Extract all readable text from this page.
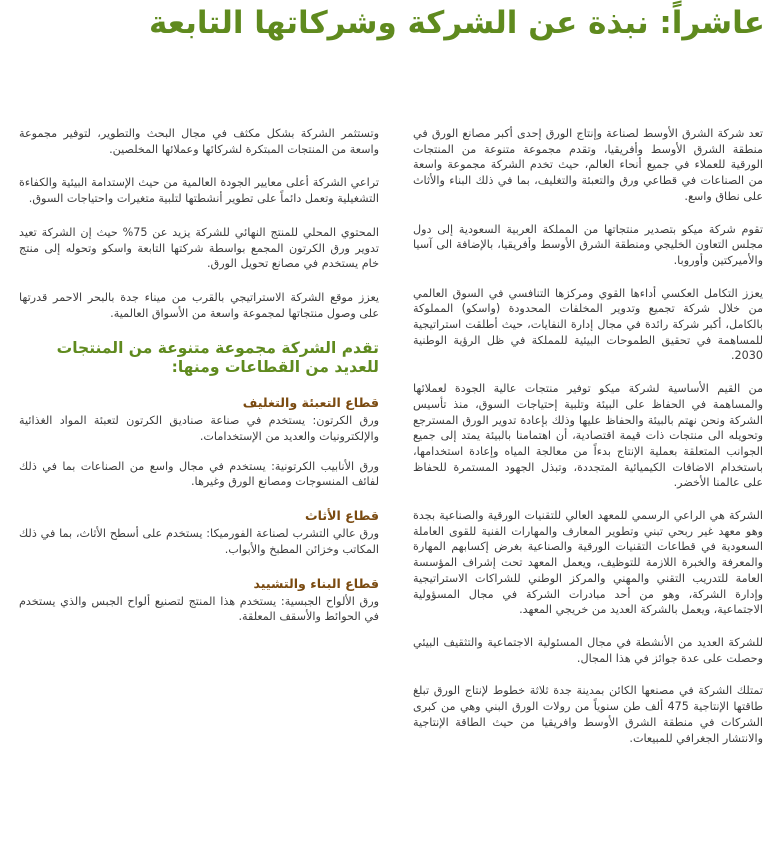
عاشراً: نبذة عن الشركة وشركاتها التابعة

تعد شركة الشرق الأوسط لصناعة وإنتاج الورق إحدى أكبر مصانع الورق في منطقة الشرق الأوسط وأفريقيا، وتقدم مجموعة متنوعة من المنتجات الورقية للعملاء في جميع أنحاء العالم، حيث تخدم الشركة مجموعة واسعة من الصناعات في قطاعي ورق والتعبئة والتغليف، بما في ذلك البناء والأثاث على نطاق واسع.

تقوم شركة ميكو بتصدير منتجاتها من المملكة العربية السعودية إلى دول مجلس التعاون الخليجي ومنطقة الشرق الأوسط وأفريقيا، بالإضافة الى آسيا والأميركتين وأوروبا.

يعزز التكامل العكسي أداءها القوي ومركزها التنافسي في السوق العالمي من خلال شركة تجميع وتدوير المخلفات المحدودة (واسكو) المملوكة بالكامل، أكبر شركة رائدة في مجال إدارة النفايات، حيث أطلقت استراتيجية للمساهمة في تحقيق الطموحات البيئية للمملكة في ظل الرؤية الوطنية 2030.

من القيم الأساسية لشركة ميكو توفير منتجات عالية الجودة لعملائها والمساهمة في الحفاظ على البيئة وتلبية إحتياجات السوق، منذ تأسيس الشركة ونحن نهتم بالبيئة والحفاظ عليها وذلك بإعادة تدوير الورق المسترجع وتحويله الى منتجات ذات قيمة اقتصادية، أن اهتمامنا بالبيئة يمتد إلى جميع الجوانب المتعلقة بعملية الإنتاج بدءاً من معالجة المياه وإعادة استخدامها، باستخدام الاضافات الكيميائية المتجددة، وتبذل الجهود المستمرة للحفاظ على عالمنا الأخضر.

الشركة هي الراعي الرسمي للمعهد العالي للتقنيات الورقية والصناعية بجدة وهو معهد غير ربحي تبني وتطوير المعارف والمهارات الفنية للقوى العاملة السعودية في قطاعات التقنيات الورقية والصناعية بغرض إكسابهم المهارة والمعرفة والخبرة اللازمة للتوظيف، ويعمل المعهد تحت إشراف المؤسسة العامة للتدريب التقني والمهني والمركز الوطني للشراكات الاستراتيجية وإدارة الشركة، وهو من أحد مبادرات الشركة في مجال المسؤولية الاجتماعية، ويعمل بالشركة العديد من خريجي المعهد.

للشركة العديد من الأنشطة في مجال المسئولية الاجتماعية والتثقيف البيئي وحصلت على عدة جوائز في هذا المجال.

تمتلك الشركة في مصنعها الكائن بمدينة جدة ثلاثة خطوط لإنتاج الورق تبلغ طاقتها الإنتاجية 475 ألف طن سنوياً من رولات الورق البني وهي من كبرى الشركات في منطقة الشرق الأوسط وافريقيا من حيث الطاقة الإنتاجية والانتشار الجغرافي للمبيعات.

وتستثمر الشركة بشكل مكثف في مجال البحث والتطوير، لتوفير مجموعة واسعة من المنتجات المبتكرة لشركائها وعملائها المخلصين.

تراعي الشركة أعلى معايير الجودة العالمية من حيث الإستدامة البيئية والكفاءة التشغيلية وتعمل دائماً على تطوير أنشطتها لتلبية متغيرات واحتياجات السوق.

المحتوي المحلي للمنتج النهائي للشركة يزيد عن 75% حيث إن الشركة تعيد تدوير ورق الكرتون المجمع بواسطة شركتها التابعة واسكو وتحوله إلى منتج خام يستخدم في مصانع تحويل الورق.

يعزز موقع الشركة الاستراتيجي بالقرب من ميناء جدة بالبحر الاحمر قدرتها على وصول منتجاتها لمجموعة واسعة من الأسواق العالمية.

تقدم الشركة مجموعة متنوعة من المنتجات للعديد من القطاعات ومنها:
قطاع التعبئة والتغليف

ورق الكرتون: يستخدم في صناعة صناديق الكرتون لتعبئة المواد الغذائية والإلكترونيات والعديد من الإستخدامات.

ورق الأنابيب الكرتونية: يستخدم في مجال واسع من الصناعات بما في ذلك لفائف المنسوجات ومصانع الورق وغيرها.

قطاع الأثاث

ورق عالي التشرب لصناعة الفورميكا: يستخدم على أسطح الأثاث، بما في ذلك المكاتب وخزائن المطبخ والأبواب.

قطاع البناء والتشييد

ورق الألواح الجبسية: يستخدم هذا المنتج لتصنيع ألواح الجبس والذي يستخدم في الحوائط والأسقف المعلقة.
